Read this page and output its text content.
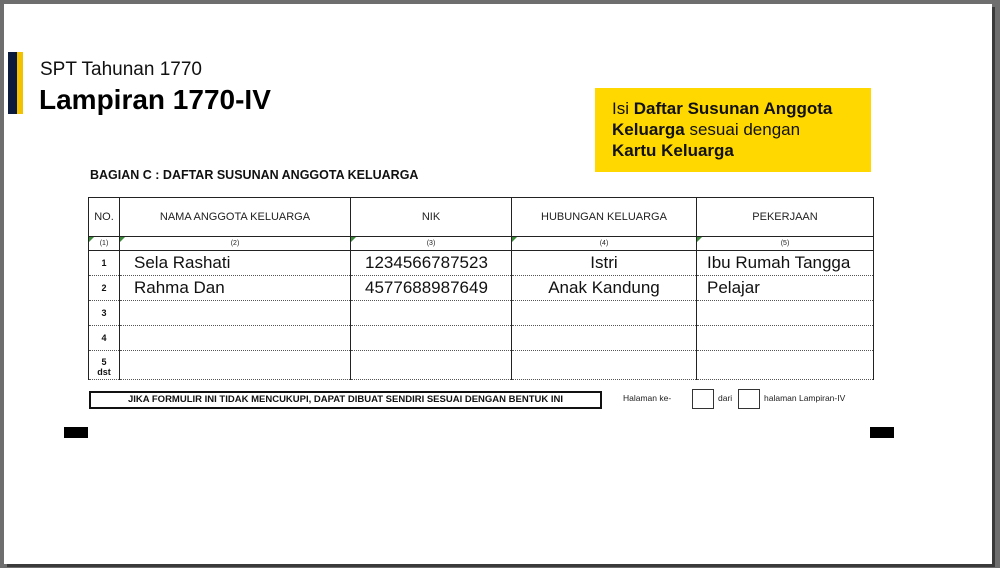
SPT Tahunan 1770
Lampiran 1770-IV	Isi Daftar Susunan Anggota
Keluarga sesuai dengan
Kartu Keluarga
BAGIAN C : DAFTAR SUSUNAN ANGGOTA KELUARGA
NO.	NAMA ANGGOTA KELUARGA	NIK	HUBUNGAN KELUARGA	PEKERJAAN
(1)	(2)	(3)	(4)	(5)
1	Sela Rashati	1234566787523	Istri	Ibu Rumah Tangga
2	Rahma Dan	4577688987649	Anak Kandung	Pelajar
3				
4				
5
dst				
JIKA FORMULIR INI TIDAK MENCUKUPI, DAPAT DIBUAT SENDIRI SESUAI DENGAN BENTUK INI	Halaman ke-	dari	halaman Lampiran-IV
